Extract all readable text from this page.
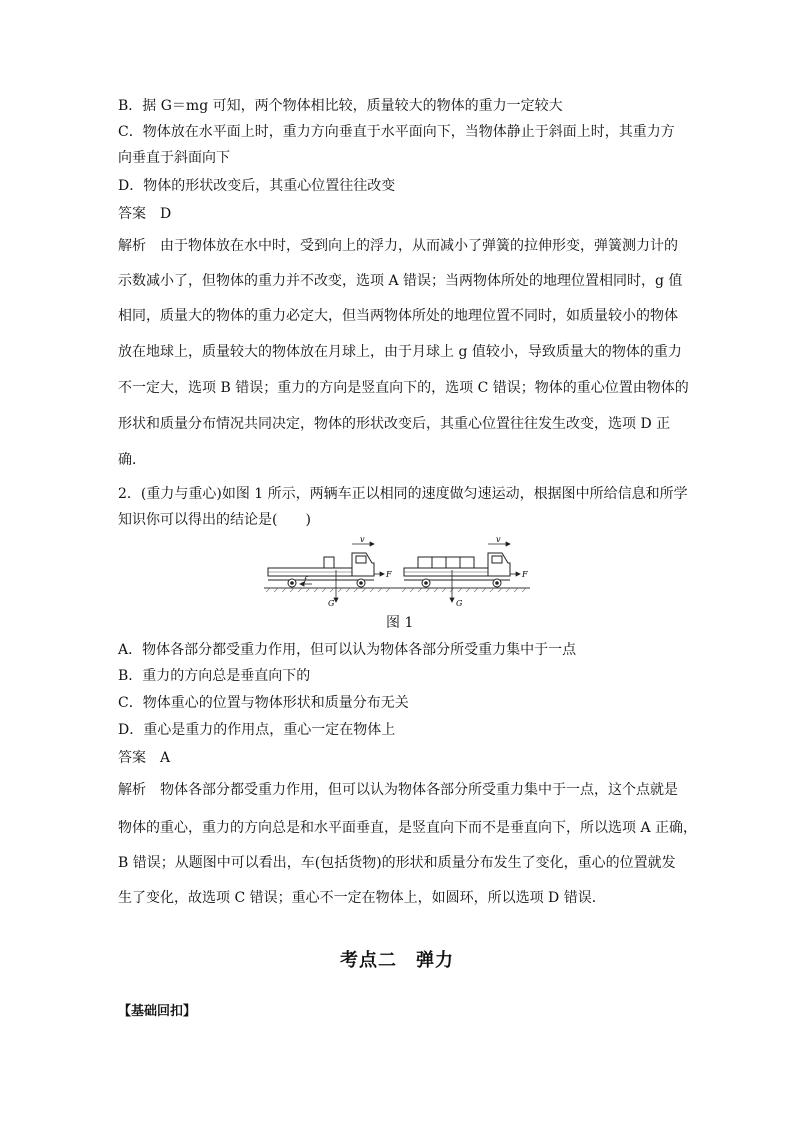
B．据 G＝mg 可知，两个物体相比较，质量较大的物体的重力一定较大
C．物体放在水平面上时，重力方向垂直于水平面向下，当物体静止于斜面上时，其重力方
向垂直于斜面向下
D．物体的形状改变后，其重心位置往往改变
答案　D
解析　由于物体放在水中时，受到向上的浮力，从而减小了弹簧的拉伸形变，弹簧测力计的
示数减小了，但物体的重力并不改变，选项 A 错误；当两物体所处的地理位置相同时，g 值
相同，质量大的物体的重力必定大，但当两物体所处的地理位置不同时，如质量较小的物体
放在地球上，质量较大的物体放在月球上，由于月球上 g 值较小，导致质量大的物体的重力
不一定大，选项 B 错误；重力的方向是竖直向下的，选项 C 错误；物体的重心位置由物体的
形状和质量分布情况共同决定，物体的形状改变后，其重心位置往往发生改变，选项 D 正
确．
2．(重力与重心)如图 1 所示，两辆车正以相同的速度做匀速运动，根据图中所给信息和所学
知识你可以得出的结论是(　　)
v
F
G
f
v
F
G
图 1
A．物体各部分都受重力作用，但可以认为物体各部分所受重力集中于一点
B．重力的方向总是垂直向下的
C．物体重心的位置与物体形状和质量分布无关
D．重心是重力的作用点，重心一定在物体上
答案　A
解析　物体各部分都受重力作用，但可以认为物体各部分所受重力集中于一点，这个点就是
物体的重心，重力的方向总是和水平面垂直，是竖直向下而不是垂直向下，所以选项 A 正确，
B 错误；从题图中可以看出，车(包括货物)的形状和质量分布发生了变化，重心的位置就发
生了变化，故选项 C 错误；重心不一定在物体上，如圆环，所以选项 D 错误．
考点二　弹力
【基础回扣】
